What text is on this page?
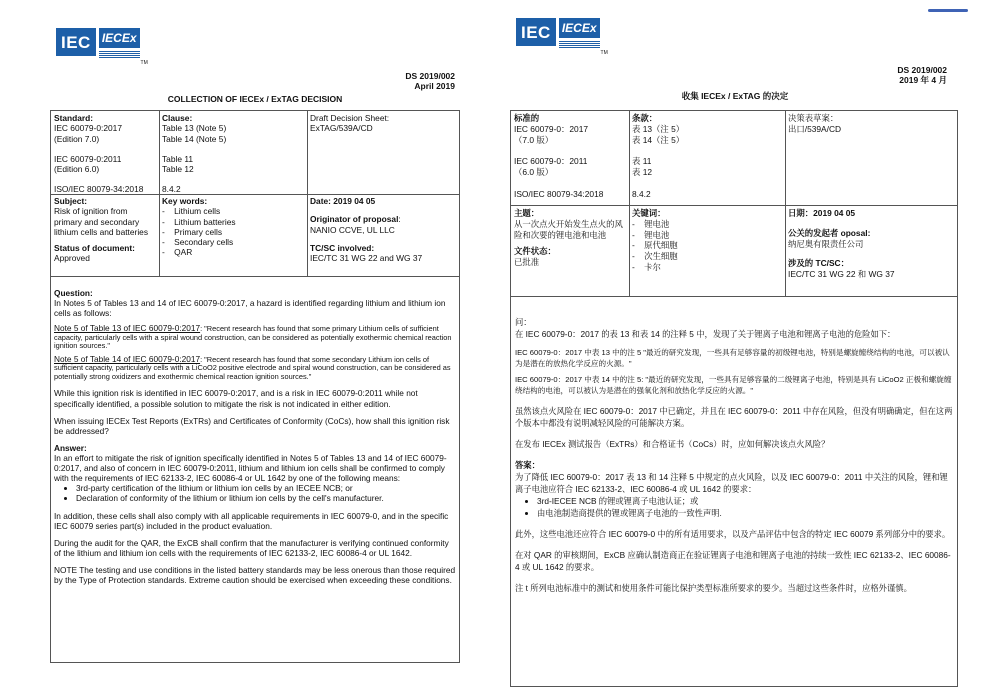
IEC IECEx
TM
DS 2019/002
April 2019
COLLECTION OF IECEx / ExTAG DECISION
Standard:
IEC 60079-0:2017
(Edition 7.0)
IEC 60079-0:2011
(Edition 6.0)
ISO/IEC 80079-34:2018
Clause:
Table 13 (Note 5)
Table 14 (Note 5)
Table 11
Table 12
8.4.2
Draft Decision Sheet:
ExTAG/539A/CD
Subject:
Risk of ignition from primary and secondary lithium cells and batteries
Status of document:
Approved
Key words:
-    Lithium cells
-    Lithium batteries
-    Primary cells
-    Secondary cells
-    QAR
Date: 2019 04 05
Originator of proposal:
NANIO CCVE, UL LLC
TC/SC involved:
IEC/TC 31 WG 22 and WG 37

Question:

In Notes 5 of Tables 13 and 14 of IEC 60079-0:2017, a hazard is identified regarding lithium and lithium ion cells as follows:

Note 5 of Table 13 of IEC 60079-0:2017: "Recent research has found that some primary Lithium cells of sufficient capacity, particularly cells with a spiral wound construction, can be considered as potentially exothermic chemical reaction ignition sources."

Note 5 of Table 14 of IEC 60079-0:2017: "Recent research has found that some secondary Lithium ion cells of sufficient capacity, particularly cells with a LiCoO2 positive electrode and spiral wound construction, can be considered as potentially strong oxidizers and exothermic chemical reaction ignition sources."

While this ignition risk is identified in IEC 60079-0:2017, and is a risk in IEC 60079-0:2011 while not specifically identified, a possible solution to mitigate the risk is not indicated in either edition.

When issuing IECEx Test Reports (ExTRs) and Certificates of Conformity (CoCs), how shall this ignition risk be addressed?

Answer:

In an effort to mitigate the risk of ignition specifically identified in Notes 5 of Tables 13 and 14 of IEC 60079-0:2017, and also of concern in IEC 60079-0:2011, lithium and lithium ion cells shall be confirmed to comply with the requirements of IEC 62133-2, IEC 60086-4 or UL 1642 by one of the following means:

• 3rd-party certification of the lithium or lithium ion cells by an IECEE NCB; or
• Declaration of conformity of the lithium or lithium ion cells by the cell's manufacturer.

In addition, these cells shall also comply with all applicable requirements in IEC 60079-0, and in the specific IEC 60079 series part(s) included in the product evaluation.

During the audit for the QAR, the ExCB shall confirm that the manufacturer is verifying continued conformity of the lithium and lithium ion cells with the requirements of IEC 62133-2, IEC 60086-4 or UL 1642.

NOTE The testing and use conditions in the listed battery standards may be less onerous than those required by the Type of Protection standards. Extreme caution should be exercised when exceeding these conditions.

IEC IECEx
TM
DS 2019/002
2019 年 4 月
收集 IECEx / ExTAG 的决定
标准的
IEC 60079-0：2017
（7.0 版）
IEC 60079-0：2011
（6.0 版）
ISO/IEC 80079-34:2018
条款：
表 13（注 5）
表 14（注 5）
表 11
表 12
8.4.2
决策表草案：
出口/539A/CD
主题：
从一次点火开始发生点火的风险和次要的锂电池和电池
文件状态：
已批准
关键词：
-    锂电池
-    锂电池
-    原代细胞
-    次生细胞
-    卡尔
日期：2019 04 05
公关的发起者 oposal:
纳尼奥有限责任公司
涉及的 TC/SC：
IEC/TC 31 WG 22 和 WG 37

问：

在 IEC 60079-0：2017 的表 13 和表 14 的注释 5 中，发现了关于锂离子电池和锂离子电池的危险如下：

IEC 60079-0：2017 中表 13 中的注 5 "最近的研究发现，一些具有足够容量的初级锂电池，特别是螺旋缠绕结构的电池，可以被认为是潜在的放热化学反应的火源。"

IEC 60079-0：2017 中表 14 中的注 5: "最近的研究发现，一些具有足够容量的二级锂离子电池，特别是具有 LiCoO2 正极和螺旋缠绕结构的电池，可以被认为是潜在的强氧化剂和放热化学反应的火源。"

虽然该点火风险在 IEC 60079-0：2017 中已确定，并且在 IEC 60079-0：2011 中存在风险，但没有明确确定，但在这两个版本中都没有说明减轻风险的可能解决方案。

在发布 IECEx 测试报告（ExTRs）和合格证书（CoCs）时，应如何解决该点火风险？

答案：

为了降低 IEC 60079-0：2017 表 13 和 14 注释 5 中规定的点火风险，以及 IEC 60079-0：2011 中关注的风险，锂和锂离子电池应符合 IEC 62133-2、IEC 60086-4 或 UL 1642 的要求：

• 3rd-IECEE NCB 的锂或锂离子电池认证；或
• 由电池制造商提供的锂或锂离子电池的一致性声明.

此外，这些电池还应符合 IEC 60079-0 中的所有适用要求，以及产品评估中包含的特定 IEC 60079 系列部分中的要求。

在对 QAR 的审核期间，ExCB 应确认制造商正在验证锂离子电池和锂离子电池的持续一致性 IEC 62133-2、IEC 60086-4 或 UL 1642 的要求。

注 t 所列电池标准中的测试和使用条件可能比保护类型标准所要求的要少。当超过这些条件时，应格外谨慎。
